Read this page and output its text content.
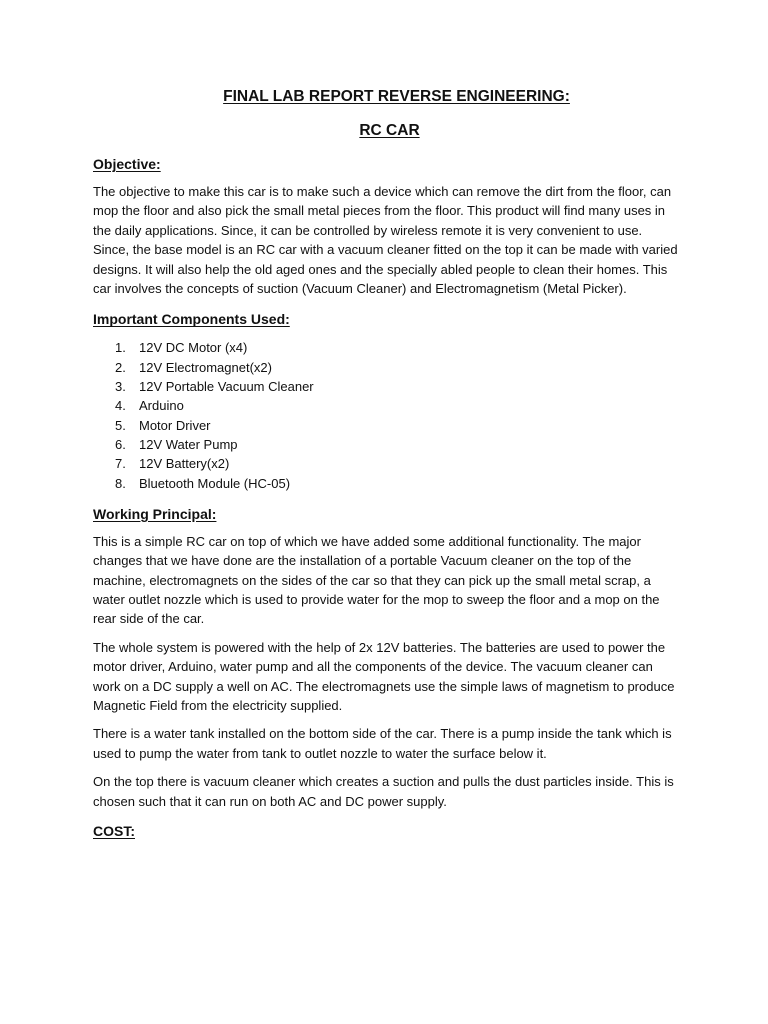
FINAL LAB REPORT REVERSE ENGINEERING:
RC CAR
Objective:

The objective to make this car is to make such a device which can remove the dirt from the floor, can mop the floor and also pick the small metal pieces from the floor. This product will find many uses in the daily applications. Since, it can be controlled by wireless remote it is very convenient to use. Since, the base model is an RC car with a vacuum cleaner fitted on the top it can be made with varied designs. It will also help the old aged ones and the specially abled people to clean their homes. This car involves the concepts of suction (Vacuum Cleaner) and Electromagnetism (Metal Picker).

Important Components Used:
1. 12V DC Motor (x4)
2. 12V Electromagnet(x2)
3. 12V Portable Vacuum Cleaner
4. Arduino
5. Motor Driver
6. 12V Water Pump
7. 12V Battery(x2)
8. Bluetooth Module (HC-05)
Working Principal:

This is a simple RC car on top of which we have added some additional functionality. The major changes that we have done are the installation of a portable Vacuum cleaner on the top of the machine, electromagnets on the sides of the car so that they can pick up the small metal scrap, a water outlet nozzle which is used to provide water for the mop to sweep the floor and a mop on the rear side of the car.

The whole system is powered with the help of 2x 12V batteries. The batteries are used to power the motor driver, Arduino, water pump and all the components of the device. The vacuum cleaner can work on a DC supply a well on AC. The electromagnets use the simple laws of magnetism to produce Magnetic Field from the electricity supplied.

There is a water tank installed on the bottom side of the car. There is a pump inside the tank which is used to pump the water from tank to outlet nozzle to water the surface below it.

On the top there is vacuum cleaner which creates a suction and pulls the dust particles inside. This is chosen such that it can run on both AC and DC power supply.

COST:
